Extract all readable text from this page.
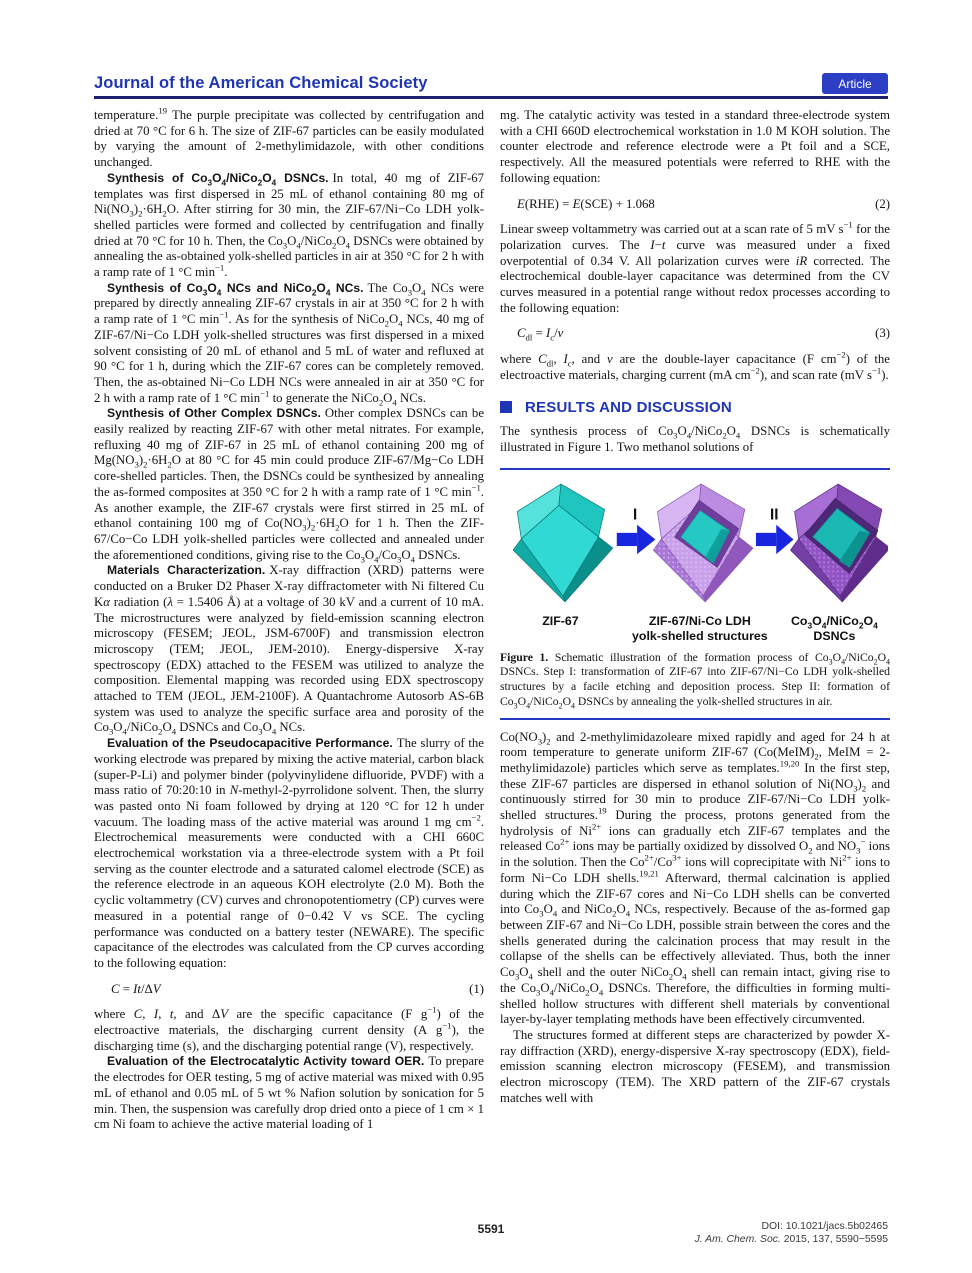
Journal of the American Chemical Society	Article

temperature.$^{19}$ The purple precipitate was collected by centrifugation and dried at 70 °C for 6 h. The size of ZIF-67 particles can be easily modulated by varying the amount of 2-methylimidazole, with other conditions unchanged.

Synthesis of $Co_3O_4/NiCo_2O_4$ DSNCs. In total, 40 mg of ZIF-67 templates was first dispersed in 25 mL of ethanol containing 80 mg of $Ni(NO_3)_2\cdot 6H_2O$. After stirring for 30 min, the ZIF-67/Ni−Co LDH yolk-shelled particles were formed and collected by centrifugation and finally dried at 70 °C for 10 h. Then, the $Co_3O_4/NiCo_2O_4$ DSNCs were obtained by annealing the as-obtained yolk-shelled particles in air at 350 °C for 2 h with a ramp rate of 1 °C $\min^{-1}$.

Synthesis of $Co_3O_4$ NCs and $NiCo_2O_4$ NCs. The $Co_3O_4$ NCs were prepared by directly annealing ZIF-67 crystals in air at 350 °C for 2 h with a ramp rate of 1 °C $\min^{-1}$. As for the synthesis of $NiCo_2O_4$ NCs, 40 mg of ZIF-67/Ni−Co LDH yolk-shelled structures was first dispersed in a mixed solvent consisting of 20 mL of ethanol and 5 mL of water and refluxed at 90 °C for 1 h, during which the ZIF-67 cores can be completely removed. Then, the as-obtained Ni−Co LDH NCs were annealed in air at 350 °C for 2 h with a ramp rate of 1 °C $\min^{-1}$ to generate the $NiCo_2O_4$ NCs.

Synthesis of Other Complex DSNCs. Other complex DSNCs can be easily realized by reacting ZIF-67 with other metal nitrates. For example, refluxing 40 mg of ZIF-67 in 25 mL of ethanol containing 200 mg of $Mg(NO_3)_2\cdot 6H_2O$ at 80 °C for 45 min could produce ZIF-67/Mg−Co LDH core-shelled particles. Then, the DSNCs could be synthesized by annealing the as-formed composites at 350 °C for 2 h with a ramp rate of 1 °C $\min^{-1}$. As another example, the ZIF-67 crystals were first stirred in 25 mL of ethanol containing 100 mg of $Co(NO_3)_2\cdot 6H_2O$ for 1 h. Then the ZIF-67/Co−Co LDH yolk-shelled particles were collected and annealed under the aforementioned conditions, giving rise to the $Co_3O_4/Co_3O_4$ DSNCs.

Materials Characterization. X-ray diffraction (XRD) patterns were conducted on a Bruker D2 Phaser X-ray diffractometer with Ni filtered Cu Kα radiation (λ = 1.5406 Å) at a voltage of 30 kV and a current of 10 mA. The microstructures were analyzed by field-emission scanning electron microscopy (FESEM; JEOL, JSM-6700F) and transmission electron microscopy (TEM; JEOL, JEM-2010). Energy-dispersive X-ray spectroscopy (EDX) attached to the FESEM was utilized to analyze the composition. Elemental mapping was recorded using EDX spectroscopy attached to TEM (JEOL, JEM-2100F). A Quantachrome Autosorb AS-6B system was used to analyze the specific surface area and porosity of the $Co_3O_4/NiCo_2O_4$ DSNCs and $Co_3O_4$ NCs.

Evaluation of the Pseudocapacitive Performance. The slurry of the working electrode was prepared by mixing the active material, carbon black (super-P-Li) and polymer binder (polyvinylidene difluoride, PVDF) with a mass ratio of 70:20:10 in N-methyl-2-pyrrolidone solvent. Then, the slurry was pasted onto Ni foam followed by drying at 120 °C for 12 h under vacuum. The loading mass of the active material was around 1 mg $cm^{-2}$. Electrochemical measurements were conducted with a CHI 660C electrochemical workstation via a three-electrode system with a Pt foil serving as the counter electrode and a saturated calomel electrode (SCE) as the reference electrode in an aqueous KOH electrolyte (2.0 M). Both the cyclic voltammetry (CV) curves and chronopotentiometry (CP) curves were measured in a potential range of 0−0.42 V vs SCE. The cycling performance was conducted on a battery tester (NEWARE). The specific capacitance of the electrodes was calculated from the CP curves according to the following equation:

C = It/ΔV	(1)

where C, I, t, and ΔV are the specific capacitance (F $g^{-1}$) of the electroactive materials, the discharging current density (A $g^{-1}$), the discharging time (s), and the discharging potential range (V), respectively.

Evaluation of the Electrocatalytic Activity toward OER. To prepare the electrodes for OER testing, 5 mg of active material was mixed with 0.95 mL of ethanol and 0.05 mL of 5 wt % Nafion solution by sonication for 5 min. Then, the suspension was carefully drop dried onto a piece of 1 cm × 1 cm Ni foam to achieve the active material loading of 1

mg. The catalytic activity was tested in a standard three-electrode system with a CHI 660D electrochemical workstation in 1.0 M KOH solution. The counter electrode and reference electrode were a Pt foil and a SCE, respectively. All the measured potentials were referred to RHE with the following equation:

E(RHE) = E(SCE) + 1.068	(2)

Linear sweep voltammetry was carried out at a scan rate of 5 mV $s^{-1}$ for the polarization curves. The I−t curve was measured under a fixed overpotential of 0.34 V. All polarization curves were iR corrected. The electrochemical double-layer capacitance was determined from the CV curves measured in a potential range without redox processes according to the following equation:

$C_{dl} = I_c/\nu$	(3)

where $C_{dl}$, $I_c$, and ν are the double-layer capacitance (F $cm^{-2}$) of the electroactive materials, charging current (mA $cm^{-2}$), and scan rate (mV $s^{-1}$).

RESULTS AND DISCUSSION

The synthesis process of $Co_3O_4/NiCo_2O_4$ DSNCs is schematically illustrated in Figure 1. Two methanol solutions of

I	II
ZIF-67	ZIF-67/Ni-Co LDH
yolk-shelled structures
$Co_3O_4/NiCo_2O_4$
DSNCs

Figure 1. Schematic illustration of the formation process of $Co_3O_4/NiCo_2O_4$ DSNCs. Step I: transformation of ZIF-67 into ZIF-67/Ni−Co LDH yolk-shelled structures by a facile etching and deposition process. Step II: formation of $Co_3O_4/NiCo_2O_4$ DSNCs by annealing the yolk-shelled structures in air.

$Co(NO_3)_2$ and 2-methylimidazoleare mixed rapidly and aged for 24 h at room temperature to generate uniform ZIF-67 ($Co(MeIM)_2$, MeIM = 2-methylimidazole) particles which serve as templates.$^{19,20}$ In the first step, these ZIF-67 particles are dispersed in ethanol solution of $Ni(NO_3)_2$ and continuously stirred for 30 min to produce ZIF-67/Ni−Co LDH yolk-shelled structures.$^{19}$ During the process, protons generated from the hydrolysis of $Ni^{2+}$ ions can gradually etch ZIF-67 templates and the released $Co^{2+}$ ions may be partially oxidized by dissolved $O_2$ and $NO_3^-$ ions in the solution. Then the $Co^{2+}/Co^{3+}$ ions will coprecipitate with $Ni^{2+}$ ions to form Ni−Co LDH shells.$^{19,21}$ Afterward, thermal calcination is applied during which the ZIF-67 cores and Ni−Co LDH shells can be converted into $Co_3O_4$ and $NiCo_2O_4$ NCs, respectively. Because of the as-formed gap between ZIF-67 and Ni−Co LDH, possible strain between the cores and the shells generated during the calcination process that may result in the collapse of the shells can be effectively alleviated. Thus, both the inner $Co_3O_4$ shell and the outer $NiCo_2O_4$ shell can remain intact, giving rise to the $Co_3O_4/NiCo_2O_4$ DSNCs. Therefore, the difficulties in forming multi-shelled hollow structures with different shell materials by conventional layer-by-layer templating methods have been effectively circumvented.

The structures formed at different steps are characterized by powder X-ray diffraction (XRD), energy-dispersive X-ray spectroscopy (EDX), field-emission scanning electron microscopy (FESEM), and transmission electron microscopy (TEM). The XRD pattern of the ZIF-67 crystals matches well with

5591	DOI: 10.1021/jacs.5b02465
J. Am. Chem. Soc. 2015, 137, 5590−5595
